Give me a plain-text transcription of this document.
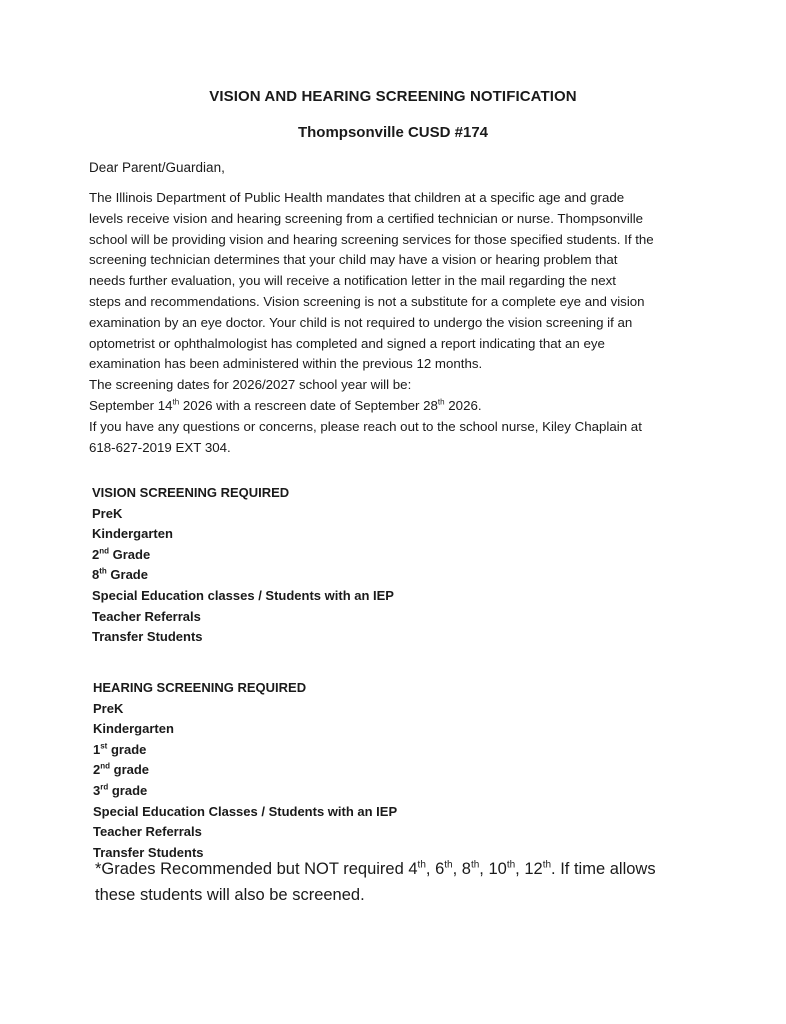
VISION AND HEARING SCREENING NOTIFICATION
Thompsonville CUSD #174
Dear Parent/Guardian,
The Illinois Department of Public Health mandates that children at a specific age and grade
levels receive vision and hearing screening from a certified technician or nurse. Thompsonville
school will be providing vision and hearing screening services for those specified students. If the
screening technician determines that your child may have a vision or hearing problem that
needs further evaluation, you will receive a notification letter in the mail regarding the next
steps and recommendations. Vision screening is not a substitute for a complete eye and vision
examination by an eye doctor. Your child is not required to undergo the vision screening if an
optometrist or ophthalmologist has completed and signed a report indicating that an eye
examination has been administered within the previous 12 months.
The screening dates for 2026/2027 school year will be:
September 14th 2026 with a rescreen date of September 28th 2026.
If you have any questions or concerns, please reach out to the school nurse, Kiley Chaplain at
618-627-2019 EXT 304.
VISION SCREENING REQUIRED
PreK
Kindergarten
2nd Grade
8th Grade
Special Education classes / Students with an IEP
Teacher Referrals
Transfer Students
HEARING SCREENING REQUIRED
PreK
Kindergarten
1st grade
2nd grade
3rd grade
Special Education Classes / Students with an IEP
Teacher Referrals
Transfer Students
*Grades Recommended but NOT required 4th, 6th, 8th, 10th, 12th. If time allows
these students will also be screened.
